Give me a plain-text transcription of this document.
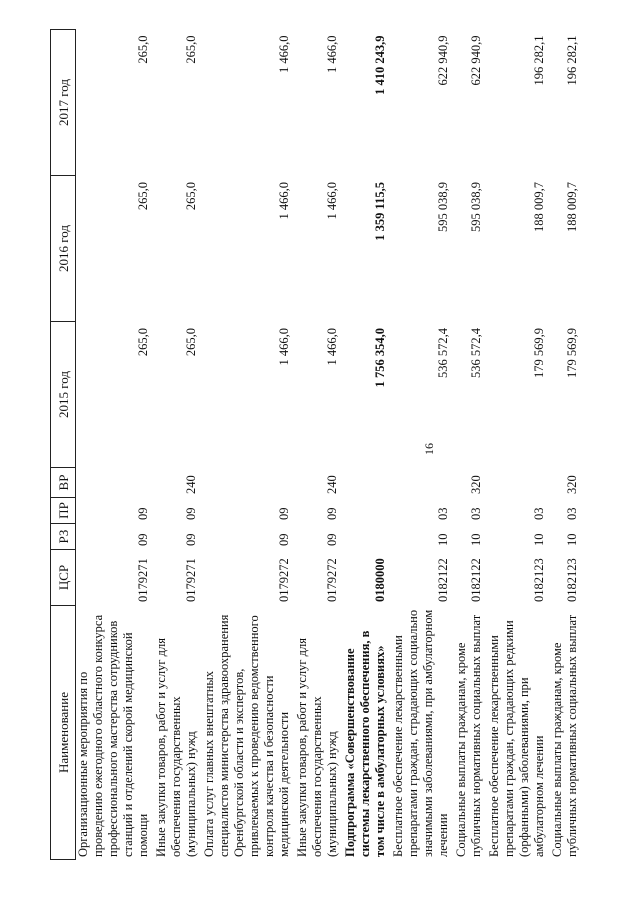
16
Наименование	ЦСР	РЗ	ПР	ВР	2015 год	2016 год	2017 год
Организационные мероприятия по проведению ежегодного областного конкурса профессионального мастерства сотрудников станций и отделений скорой медицинской помощи	0179271	09	09		265,0	265,0	265,0
Иные закупки товаров, работ и услуг для обеспечения государственных (муниципальных) нужд	0179271	09	09	240	265,0	265,0	265,0
Оплата услуг главных внештатных специалистов министерства здравоохранения Оренбургской области и экспертов, привлекаемых к проведению ведомственного контроля качества и безопасности медицинской деятельности	0179272	09	09		1 466,0	1 466,0	1 466,0
Иные закупки товаров, работ и услуг для обеспечения государственных (муниципальных) нужд	0179272	09	09	240	1 466,0	1 466,0	1 466,0
Подпрограмма «Совершенствование системы лекарственного обеспечения, в том числе в амбулаторных условиях»	0180000				1 756 354,0	1 359 115,5	1 410 243,9
Бесплатное обеспечение лекарственными препаратами граждан, страдающих социально значимыми заболеваниями, при амбулаторном лечении	0182122	10	03		536 572,4	595 038,9	622 940,9
Социальные выплаты гражданам, кроме публичных нормативных социальных выплат	0182122	10	03	320	536 572,4	595 038,9	622 940,9
Бесплатное обеспечение лекарственными препаратами граждан, страдающих редкими (орфанными) заболеваниями, при амбулаторном лечении	0182123	10	03		179 569,9	188 009,7	196 282,1
Социальные выплаты гражданам, кроме публичных нормативных социальных выплат	0182123	10	03	320	179 569,9	188 009,7	196 282,1
